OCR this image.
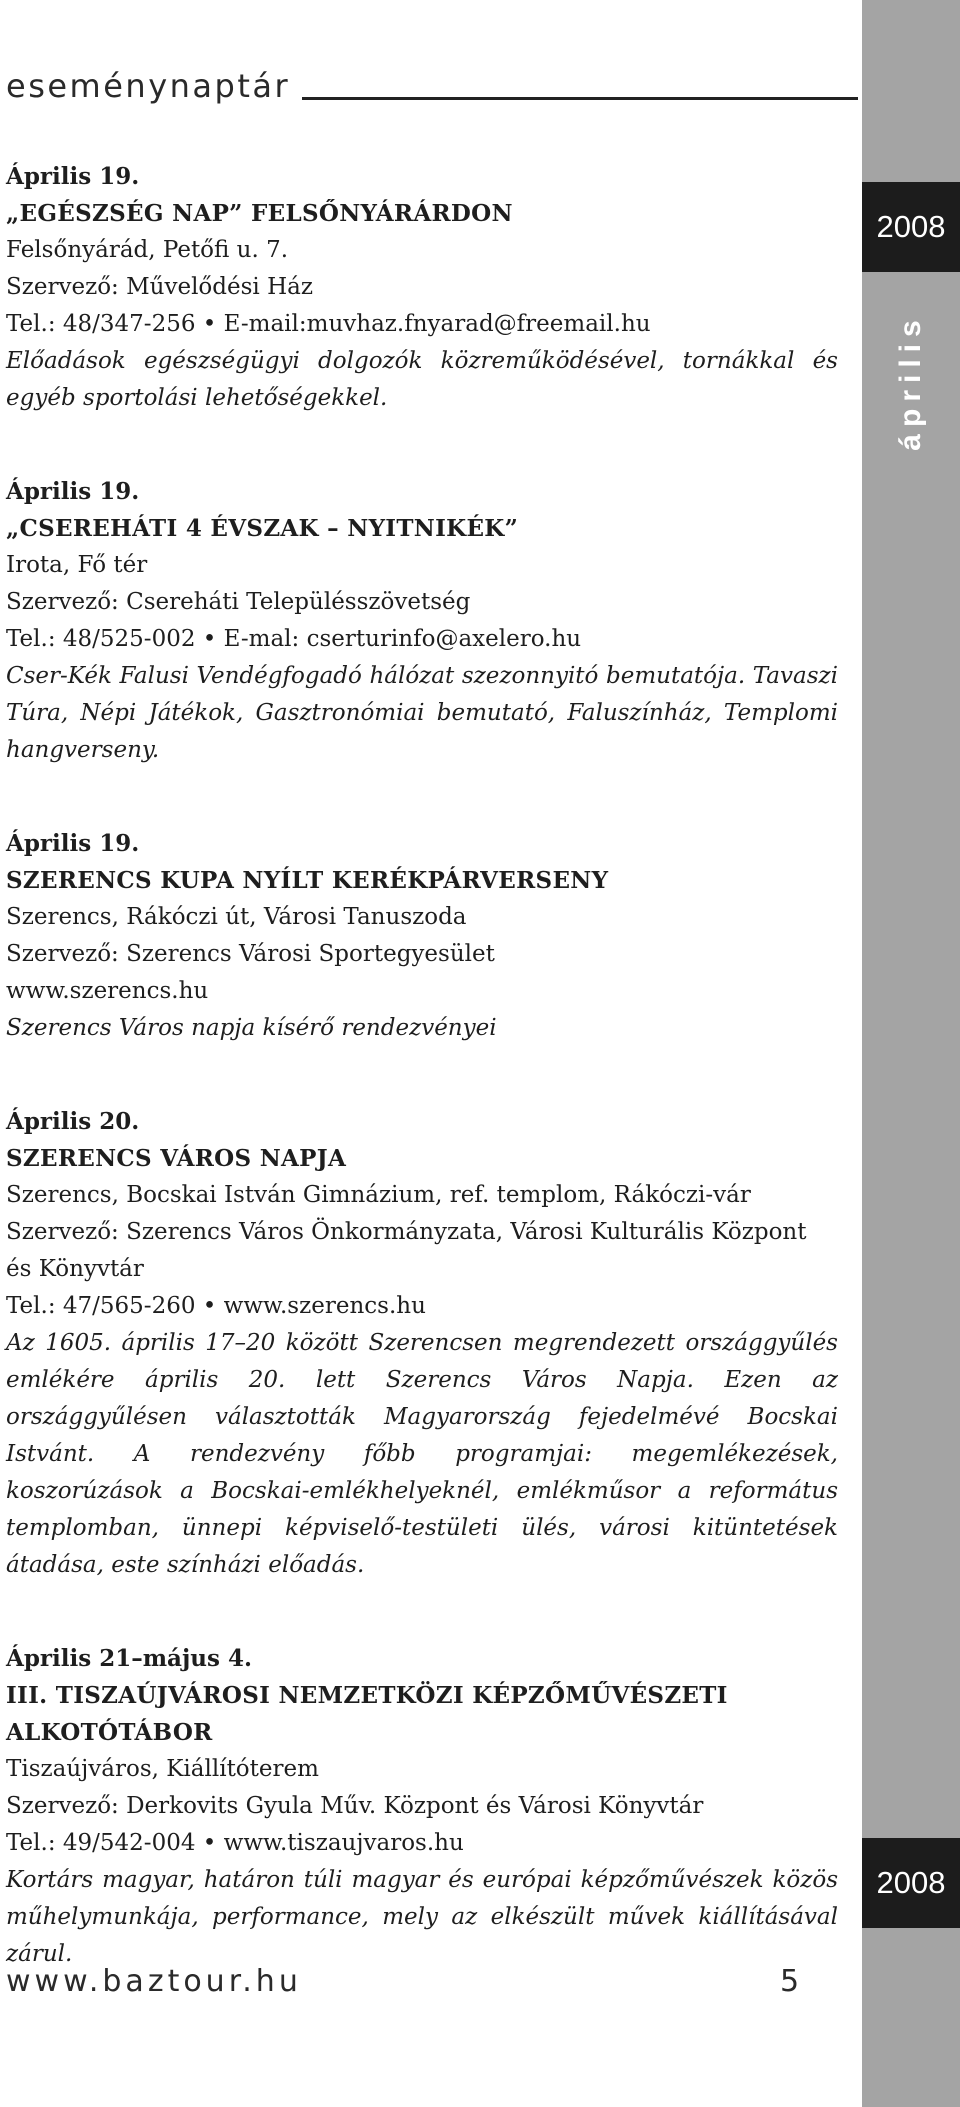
eseménynaptár
2008
április
2008

Április 19.

„EGÉSZSÉG NAP” FELSŐNYÁRÁRDON

Felsőnyárád, Petőfi u. 7.

Szervező: Művelődési Ház

Tel.: 48/347-256 • E-mail:muvhaz.fnyarad@freemail.hu

Előadások egészségügyi dolgozók közreműködésével, tornákkal és egyéb sportolási lehetőségekkel.

Április 19.

„CSEREHÁTI 4 ÉVSZAK – NYITNIKÉK”

Irota, Fő tér

Szervező: Csereháti Településszövetség

Tel.: 48/525-002 • E-mal: cserturinfo@axelero.hu

Cser-Kék Falusi Vendégfogadó hálózat szezonnyitó bemutatója. Tavaszi Túra, Népi Játékok, Gasztronómiai bemutató, Faluszínház, Templomi hangverseny.

Április 19.

SZERENCS KUPA NYÍLT KERÉKPÁRVERSENY

Szerencs, Rákóczi út, Városi Tanuszoda

Szervező: Szerencs Városi Sportegyesület

www.szerencs.hu

Szerencs Város napja kísérő rendezvényei

Április 20.

SZERENCS VÁROS NAPJA

Szerencs, Bocskai István Gimnázium, ref. templom, Rákóczi-vár

Szervező: Szerencs Város Önkormányzata, Városi Kulturális Központ és Könyvtár

Tel.: 47/565-260 • www.szerencs.hu

Az 1605. április 17–20 között Szerencsen megrendezett országgyűlés emlékére április 20. lett Szerencs Város Napja. Ezen az országgyűlésen választották Magyarország fejedelmévé Bocskai Istvánt. A rendezvény főbb programjai: megemlékezések, koszorúzások a Bocskai-emlékhelyeknél, emlékműsor a református templomban, ünnepi képviselő-testületi ülés, városi kitüntetések átadása, este színházi előadás.

Április 21–május 4.

III. TISZAÚJVÁROSI NEMZETKÖZI KÉPZŐMŰVÉSZETI ALKOTÓTÁBOR

Tiszaújváros, Kiállítóterem

Szervező: Derkovits Gyula Műv. Központ és Városi Könyvtár

Tel.: 49/542-004 • www.tiszaujvaros.hu

Kortárs magyar, határon túli magyar és európai képzőművészek közös műhelymunkája, performance, mely az elkészült művek kiállításával zárul.

www.baztour.hu	5
